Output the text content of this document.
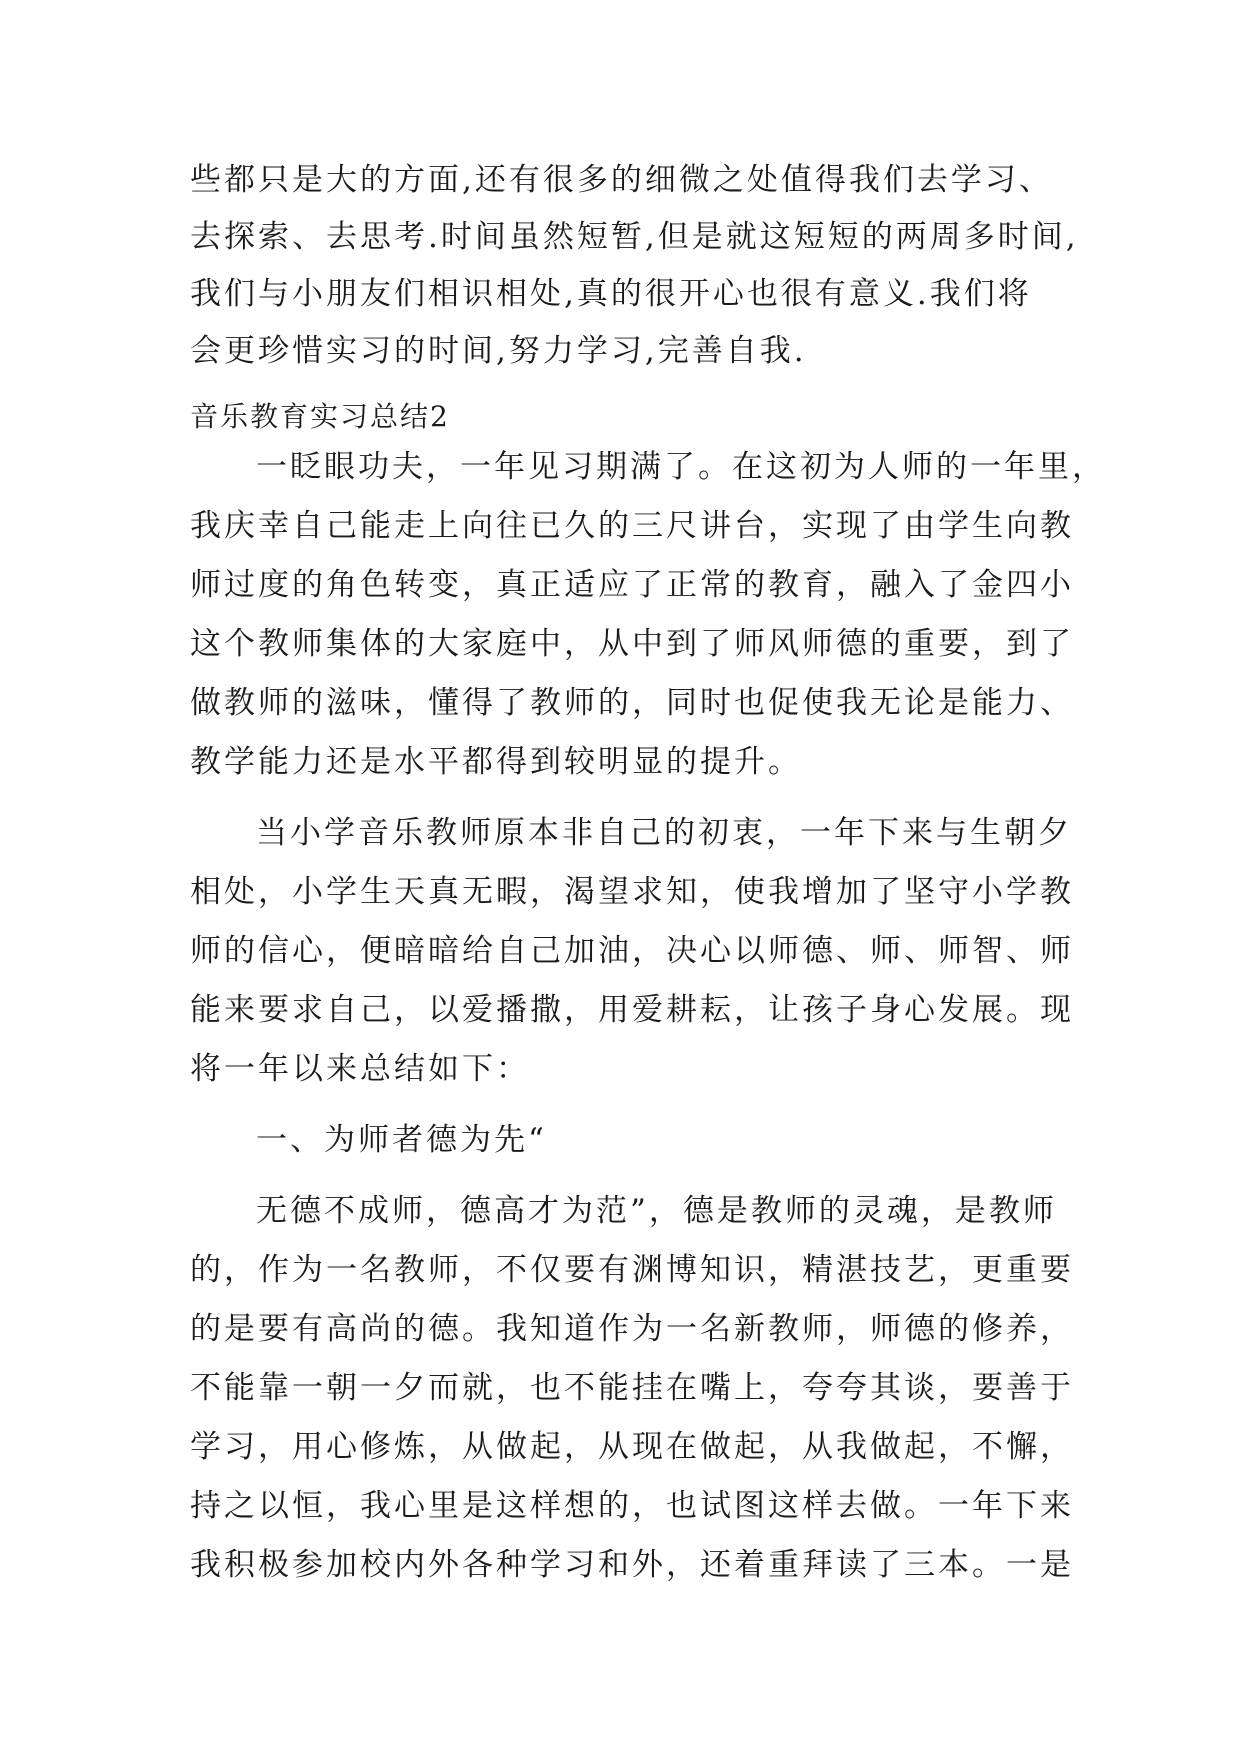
些都只是大的方面,还有很多的细微之处值得我们去学习、
去探索、去思考.时间虽然短暂,但是就这短短的两周多时间,
我们与小朋友们相识相处,真的很开心也很有意义.我们将
会更珍惜实习的时间,努力学习,完善自我.
音乐教育实习总结2
一眨眼功夫，一年见习期满了。在这初为人师的一年里，
我庆幸自己能走上向往已久的三尺讲台，实现了由学生向教
师过度的角色转变，真正适应了正常的教育，融入了金四小
这个教师集体的大家庭中，从中到了师风师德的重要，到了
做教师的滋味，懂得了教师的，同时也促使我无论是能力、
教学能力还是水平都得到较明显的提升。
当小学音乐教师原本非自己的初衷，一年下来与生朝夕
相处，小学生天真无暇，渴望求知，使我增加了坚守小学教
师的信心，便暗暗给自己加油，决心以师德、师、师智、师
能来要求自己，以爱播撒，用爱耕耘，让孩子身心发展。现
将一年以来总结如下：
一、为师者德为先“
无德不成师，德高才为范”，德是教师的灵魂，是教师
的，作为一名教师，不仅要有渊博知识，精湛技艺，更重要
的是要有高尚的德。我知道作为一名新教师，师德的修养，
不能靠一朝一夕而就，也不能挂在嘴上，夸夸其谈，要善于
学习，用心修炼，从做起，从现在做起，从我做起，不懈，
持之以恒，我心里是这样想的，也试图这样去做。一年下来
我积极参加校内外各种学习和外，还着重拜读了三本。一是
